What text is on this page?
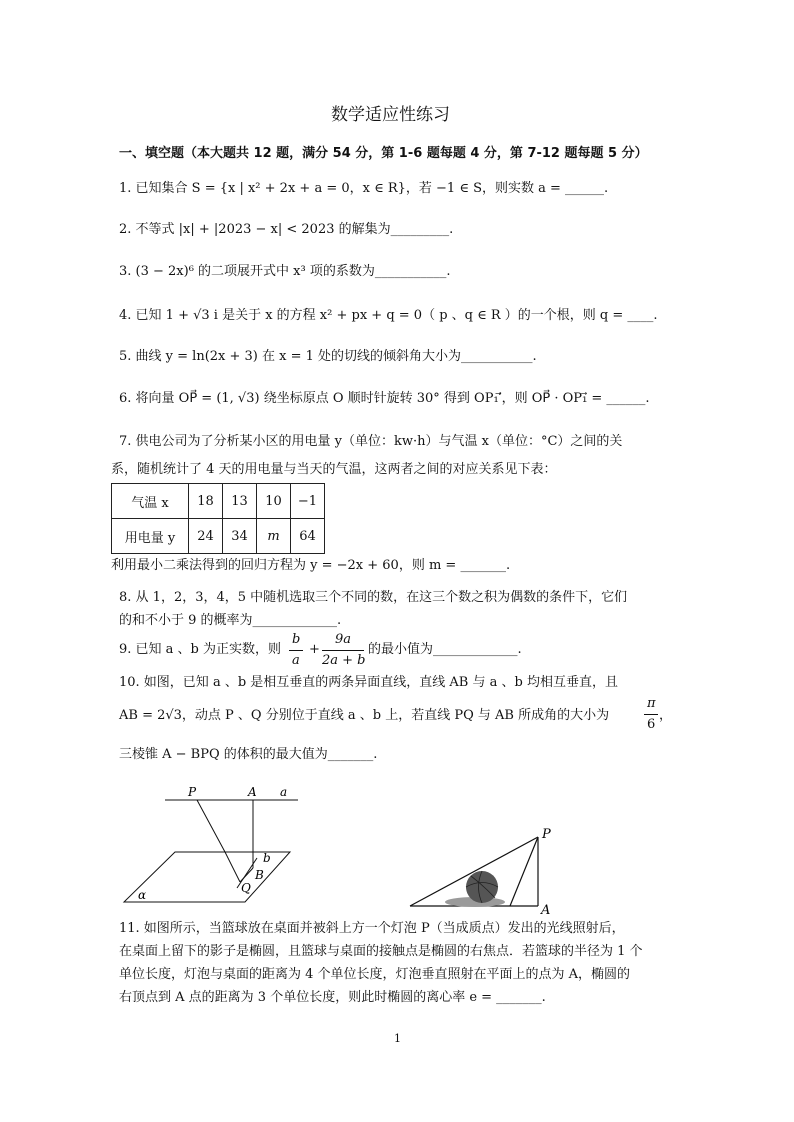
数学适应性练习
一、填空题（本大题共 12 题，满分 54 分，第 1-6 题每题 4 分，第 7-12 题每题 5 分）
1. 已知集合 S = {x | x² + 2x + a = 0，x ∈ R}，若 −1 ∈ S，则实数 a = ______.
2. 不等式 |x| + |2023 − x| < 2023 的解集为_________.
3. (3 − 2x)⁶ 的二项展开式中 x³ 项的系数为___________.
4. 已知 1 + √3 i 是关于 x 的方程 x² + px + q = 0（ p 、q ∈ R ）的一个根，则 q = ____.
5. 曲线 y = ln(2x + 3) 在 x = 1 处的切线的倾斜角大小为___________.
6. 将向量 OP⃗ = (1, √3) 绕坐标原点 O 顺时针旋转 30° 得到 OP₁′⃗，则 OP⃗ · OP₁⃗ = ______.
7. 供电公司为了分析某小区的用电量 y（单位：kw·h）与气温 x（单位：°C）之间的关
系，随机统计了 4 天的用电量与当天的气温，这两者之间的对应关系见下表：
气温 x	18	13	10	−1
用电量 y	24	34	m	64
利用最小二乘法得到的回归方程为 y = −2x + 60，则 m = _______.
8. 从 1，2，3，4，5 中随机选取三个不同的数，在这三个数之积为偶数的条件下，它们
的和不小于 9 的概率为_____________.
9. 已知 a 、b 为正实数，则
b
a
+
9a
2a + b
的最小值为_____________.
10. 如图，已知 a 、b 是相互垂直的两条异面直线，直线 AB 与 a 、b 均相互垂直，且
AB = 2√3，动点 P 、Q 分别位于直线 a 、b 上，若直线 PQ 与 AB 所成角的大小为
π
6
，
三棱锥 A − BPQ 的体积的最大值为_______.
P	A a
b
B
Q
α
P
A
11. 如图所示，当篮球放在桌面并被斜上方一个灯泡 P（当成质点）发出的光线照射后，
在桌面上留下的影子是椭圆，且篮球与桌面的接触点是椭圆的右焦点．若篮球的半径为 1 个
单位长度，灯泡与桌面的距离为 4 个单位长度，灯泡垂直照射在平面上的点为 A，椭圆的
右顶点到 A 点的距离为 3 个单位长度，则此时椭圆的离心率 e = _______.
1
